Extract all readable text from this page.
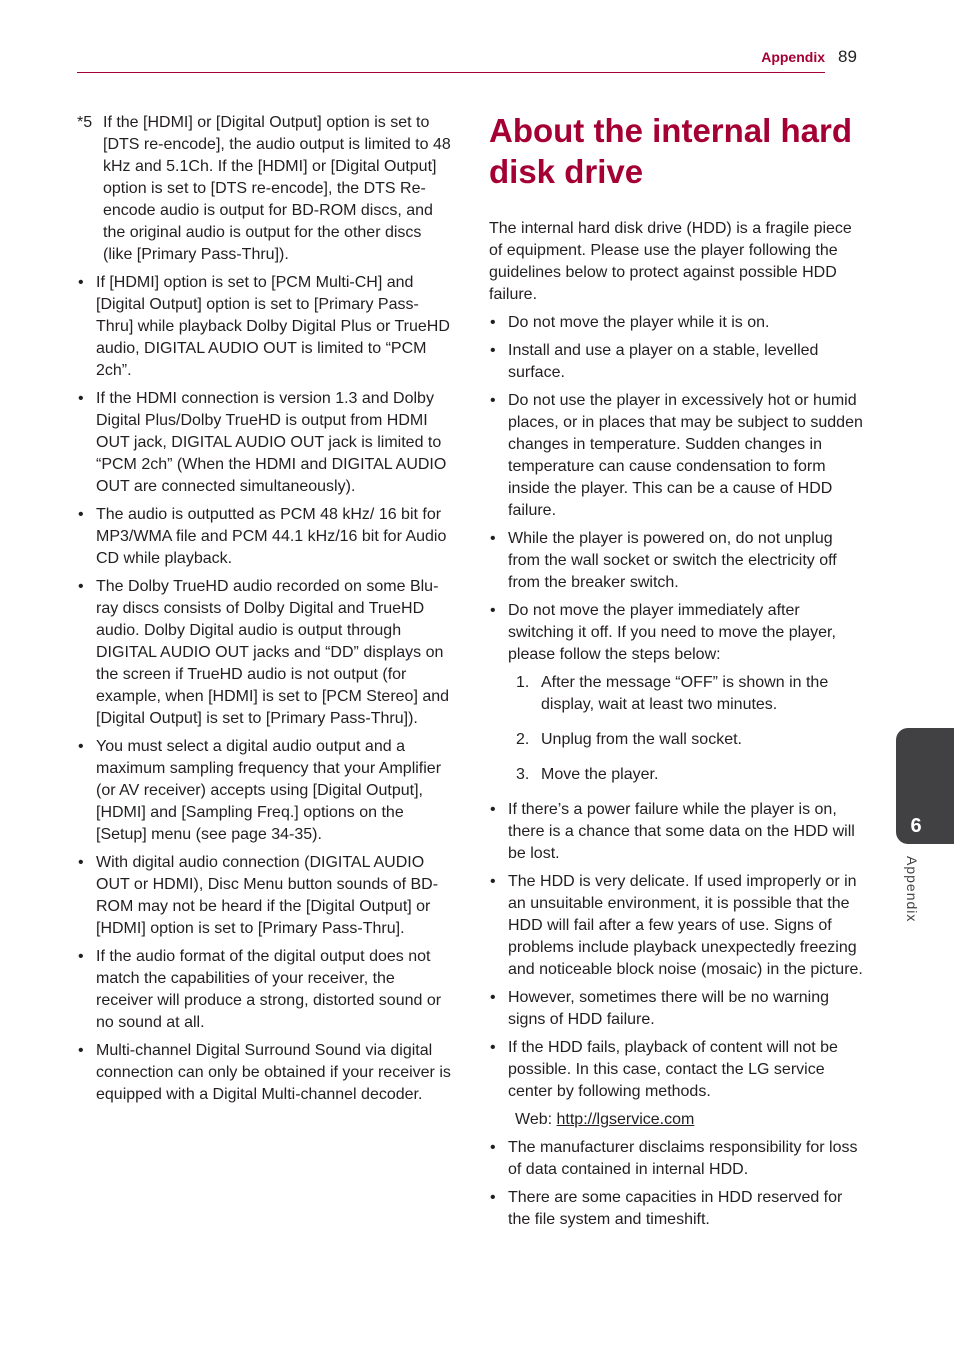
Appendix 89
*5 If the [HDMI] or [Digital Output] option is set to [DTS re-encode], the audio output is limited to 48 kHz and 5.1Ch. If the [HDMI] or [Digital Output] option is set to [DTS re-encode], the DTS Re-encode audio is output for BD-ROM discs, and the original audio is output for the other discs (like [Primary Pass-Thru]).
• If [HDMI] option is set to [PCM Multi-CH] and [Digital Output] option is set to [Primary Pass-Thru] while playback Dolby Digital Plus or TrueHD audio, DIGITAL AUDIO OUT is limited to “PCM 2ch”.
• If the HDMI connection is version 1.3 and Dolby Digital Plus/Dolby TrueHD is output from HDMI OUT jack, DIGITAL AUDIO OUT jack is limited to “PCM 2ch” (When the HDMI and DIGITAL AUDIO OUT are connected simultaneously).
• The audio is outputted as PCM 48 kHz/ 16 bit for MP3/WMA file and PCM 44.1 kHz/16 bit for Audio CD while playback.
• The Dolby TrueHD audio recorded on some Blu-ray discs consists of Dolby Digital and TrueHD audio. Dolby Digital audio is output through DIGITAL AUDIO OUT jacks and “DD” displays on the screen if TrueHD audio is not output (for example, when [HDMI] is set to [PCM Stereo] and [Digital Output] is set to [Primary Pass-Thru]).
• You must select a digital audio output and a maximum sampling frequency that your Amplifier (or AV receiver) accepts using [Digital Output], [HDMI] and [Sampling Freq.] options on the [Setup] menu (see page 34-35).
• With digital audio connection (DIGITAL AUDIO OUT or HDMI), Disc Menu button sounds of BD-ROM may not be heard if the [Digital Output] or [HDMI] option is set to [Primary Pass-Thru].
• If the audio format of the digital output does not match the capabilities of your receiver, the receiver will produce a strong, distorted sound or no sound at all.
• Multi-channel Digital Surround Sound via digital connection can only be obtained if your receiver is equipped with a Digital Multi-channel decoder.
About the internal hard disk drive

The internal hard disk drive (HDD) is a fragile piece of equipment. Please use the player following the guidelines below to protect against possible HDD failure.

• Do not move the player while it is on.
• Install and use a player on a stable, levelled surface.
• Do not use the player in excessively hot or humid places, or in places that may be subject to sudden changes in temperature. Sudden changes in temperature can cause condensation to form inside the player. This can be a cause of HDD failure.
• While the player is powered on, do not unplug from the wall socket or switch the electricity off from the breaker switch.
• Do not move the player immediately after switching it off. If you need to move the player, please follow the steps below:
1. After the message “OFF” is shown in the display, wait at least two minutes.
2. Unplug from the wall socket.
3. Move the player.
• If there’s a power failure while the player is on, there is a chance that some data on the HDD will be lost.
• The HDD is very delicate. If used improperly or in an unsuitable environment, it is possible that the HDD will fail after a few years of use. Signs of problems include playback unexpectedly freezing and noticeable block noise (mosaic) in the picture.
• However, sometimes there will be no warning signs of HDD failure.
• If the HDD fails, playback of content will not be possible. In this case, contact the LG service center by following methods.
Web: http://lgservice.com
• The manufacturer disclaims responsibility for loss of data contained in internal HDD.
• There are some capacities in HDD reserved for the file system and timeshift.
6
Appendix
